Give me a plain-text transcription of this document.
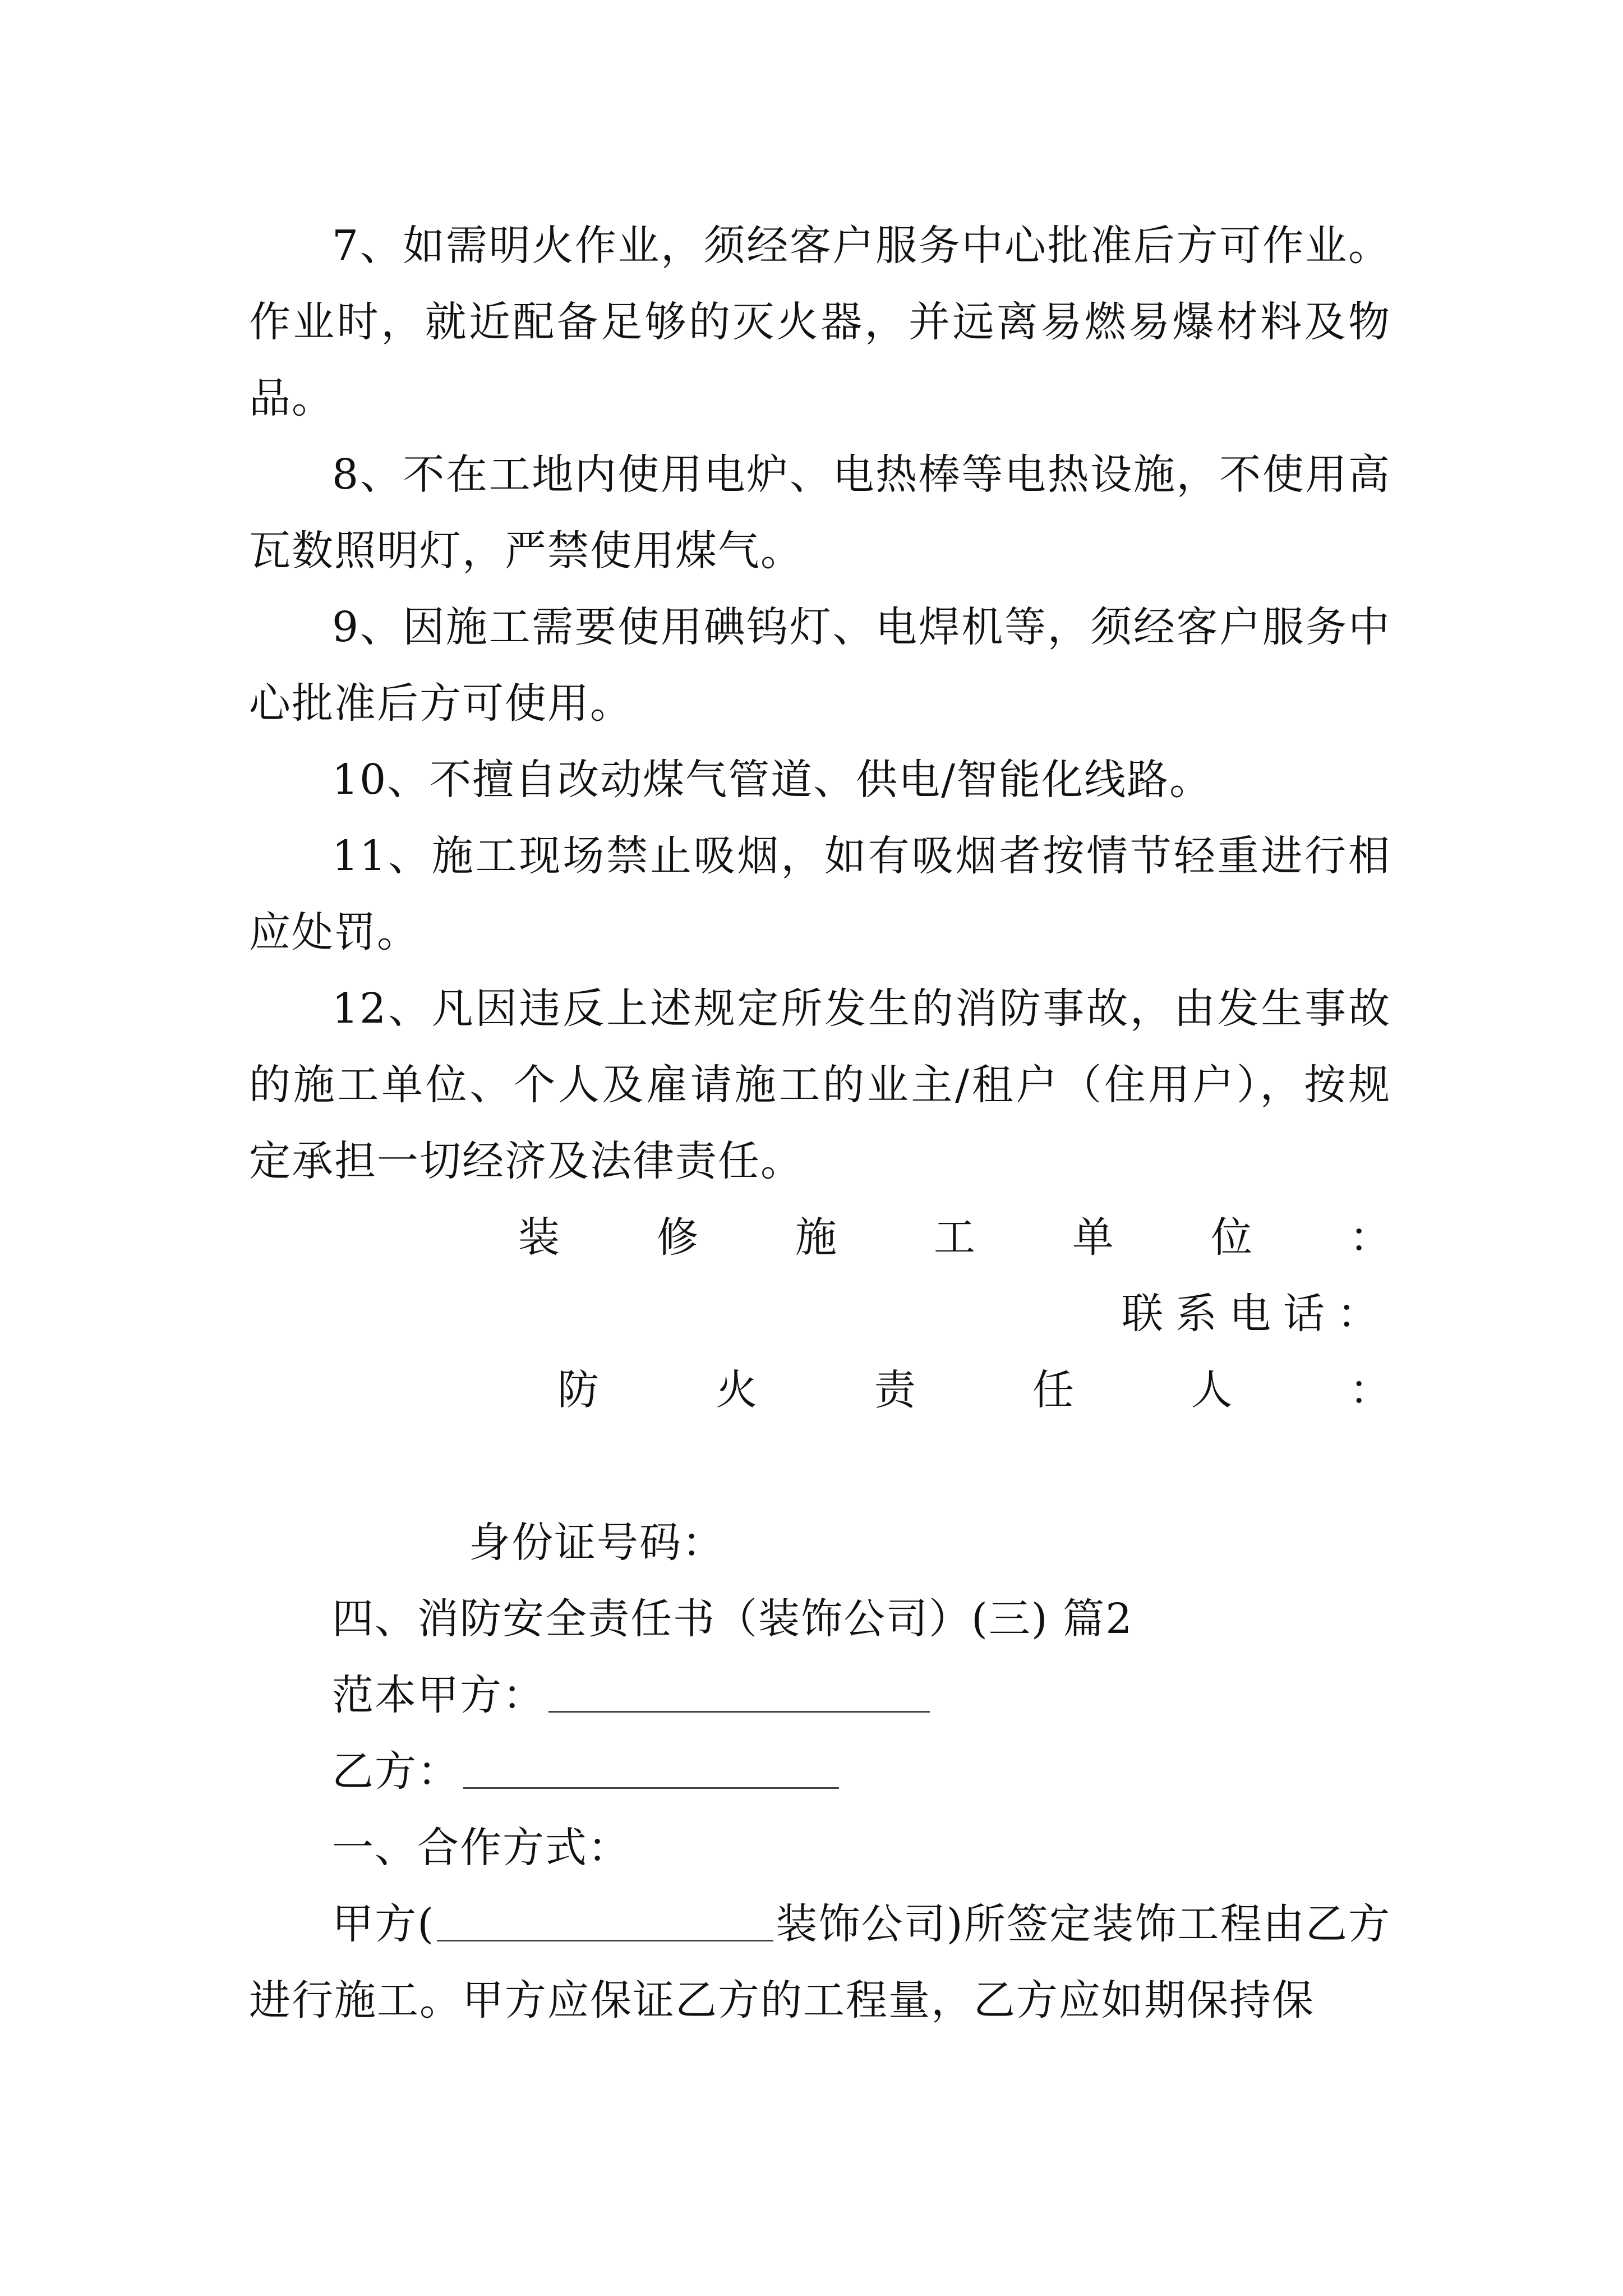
7、如需明火作业，须经客户服务中心批准后方可作业。作业时，就近配备足够的灭火器，并远离易燃易爆材料及物品。

8、不在工地内使用电炉、电热棒等电热设施，不使用高瓦数照明灯，严禁使用煤气。

9、因施工需要使用碘钨灯、电焊机等，须经客户服务中心批准后方可使用。

10、不擅自改动煤气管道、供电/智能化线路。

11、施工现场禁止吸烟，如有吸烟者按情节轻重进行相应处罚。

12、凡因违反上述规定所发生的消防事故，由发生事故的施工单位、个人及雇请施工的业主/租户（住用户），按规定承担一切经济及法律责任。

装 修 施 工 单 位 ：
联系电话：
防	火	责	任	人	：
身份证号码：
四、消防安全责任书（装饰公司）(三) 篇2
范本甲方：
乙方：
一、合作方式：

甲方(	装饰公司)所签定装饰工程由乙方进行施工。甲方应保证乙方的工程量，乙方应如期保持保
